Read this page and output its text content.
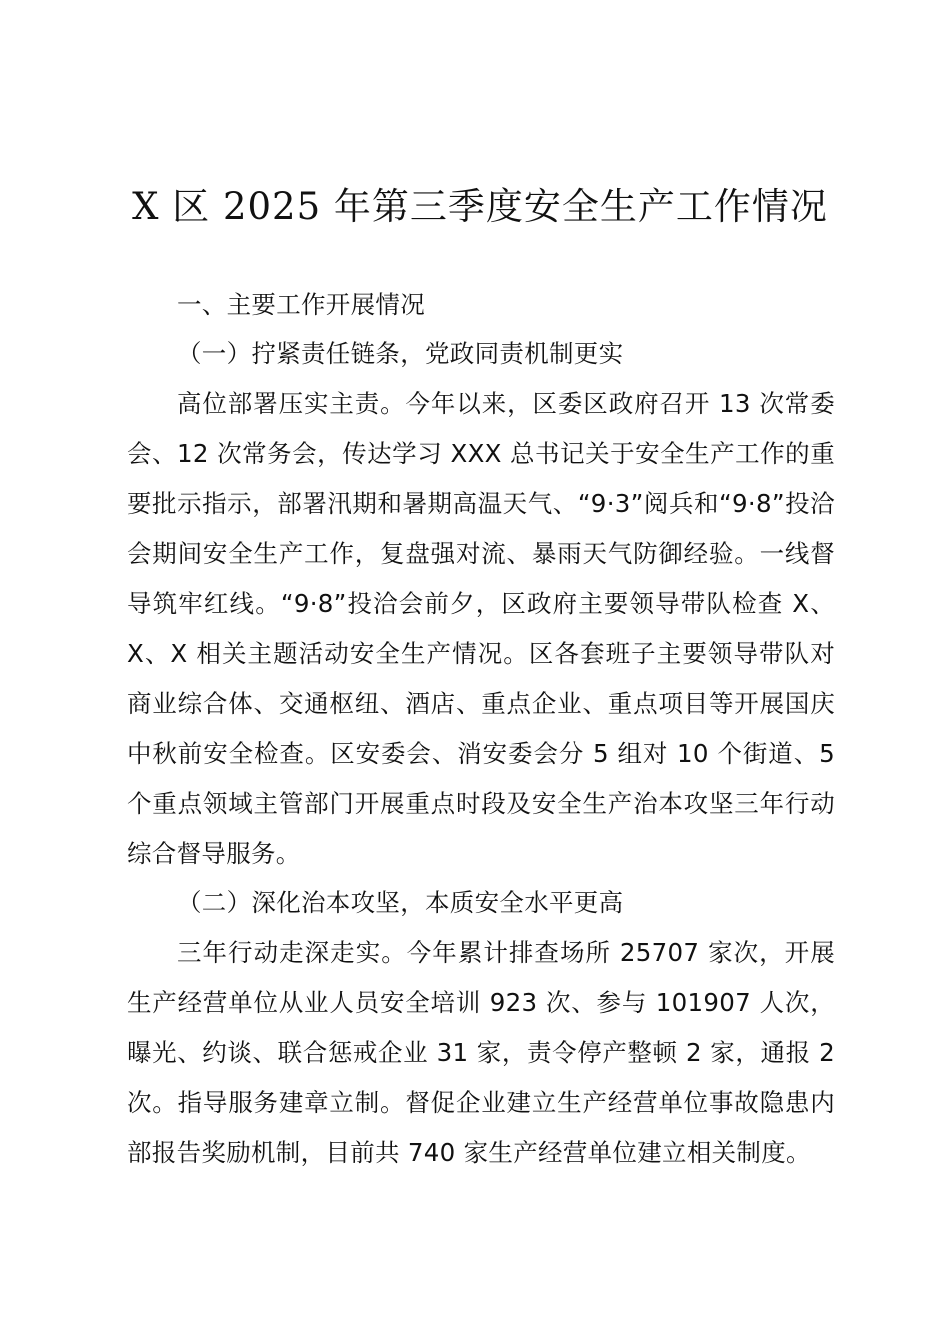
X 区 2025 年第三季度安全生产工作情况

一、主要工作开展情况

（一）拧紧责任链条，党政同责机制更实

高位部署压实主责。今年以来，区委区政府召开 13 次常委会、12 次常务会，传达学习 XXX 总书记关于安全生产工作的重要批示指示，部署汛期和暑期高温天气、“9·3”阅兵和“9·8”投洽会期间安全生产工作，复盘强对流、暴雨天气防御经验。一线督导筑牢红线。“9·8”投洽会前夕，区政府主要领导带队检查 X、X、X 相关主题活动安全生产情况。区各套班子主要领导带队对商业综合体、交通枢纽、酒店、重点企业、重点项目等开展国庆中秋前安全检查。区安委会、消安委会分 5 组对 10 个街道、5 个重点领域主管部门开展重点时段及安全生产治本攻坚三年行动综合督导服务。

（二）深化治本攻坚，本质安全水平更高

三年行动走深走实。今年累计排查场所 25707 家次，开展生产经营单位从业人员安全培训 923 次、参与 101907 人次，曝光、约谈、联合惩戒企业 31 家，责令停产整顿 2 家，通报 2 次。指导服务建章立制。督促企业建立生产经营单位事故隐患内部报告奖励机制，目前共 740 家生产经营单位建立相关制度。
